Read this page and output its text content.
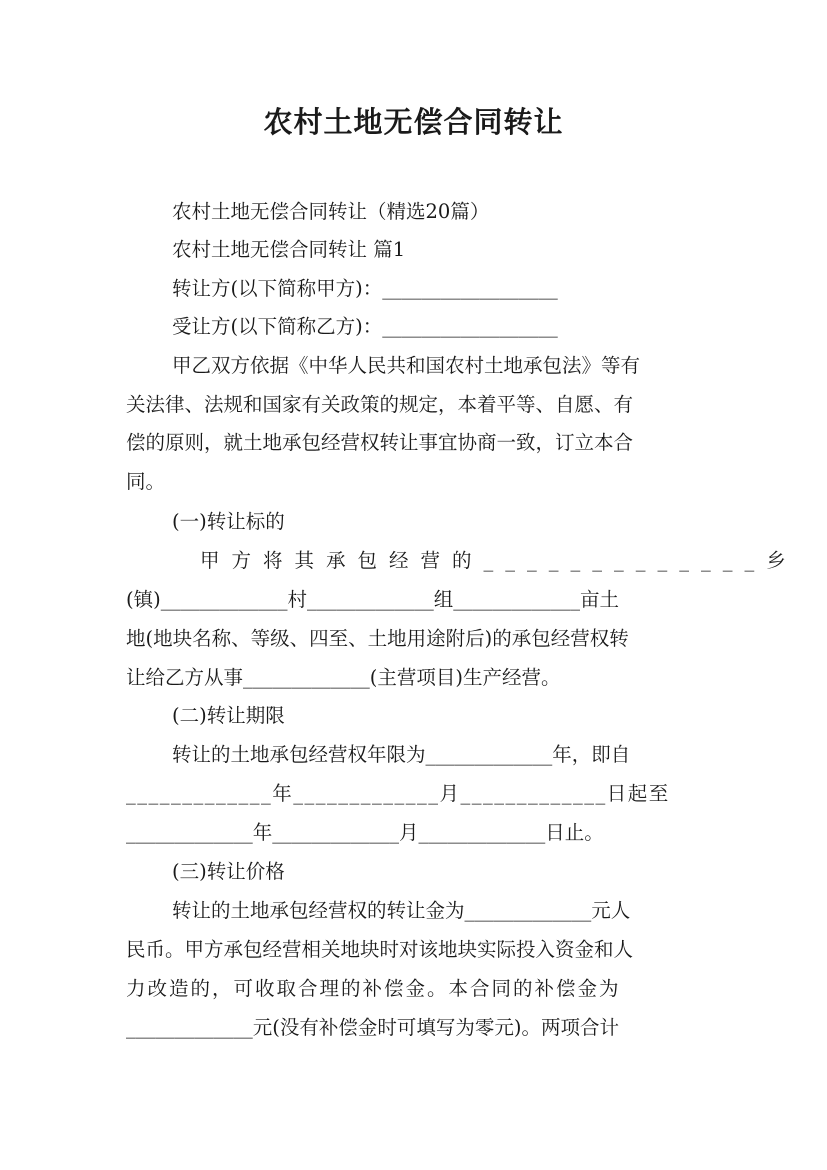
农村土地无偿合同转让
农村土地无偿合同转让（精选20篇）
农村土地无偿合同转让 篇1
转让方(以下简称甲方)：__________________
受让方(以下简称乙方)：__________________
甲乙双方依据《中华人民共和国农村土地承包法》等有
关法律、法规和国家有关政策的规定，本着平等、自愿、有
偿的原则，就土地承包经营权转让事宜协商一致，订立本合
同。
(一)转让标的
甲方将其承包经营的_____________乡
(镇)_____________村_____________组_____________亩土
地(地块名称、等级、四至、土地用途附后)的承包经营权转
让给乙方从事_____________(主营项目)生产经营。
(二)转让期限
转让的土地承包经营权年限为_____________年，即自
_____________年_____________月_____________日起至
_____________年_____________月_____________日止。
(三)转让价格
转让的土地承包经营权的转让金为_____________元人
民币。甲方承包经营相关地块时对该地块实际投入资金和人
力改造的，可收取合理的补偿金。本合同的补偿金为
_____________元(没有补偿金时可填写为零元)。两项合计
